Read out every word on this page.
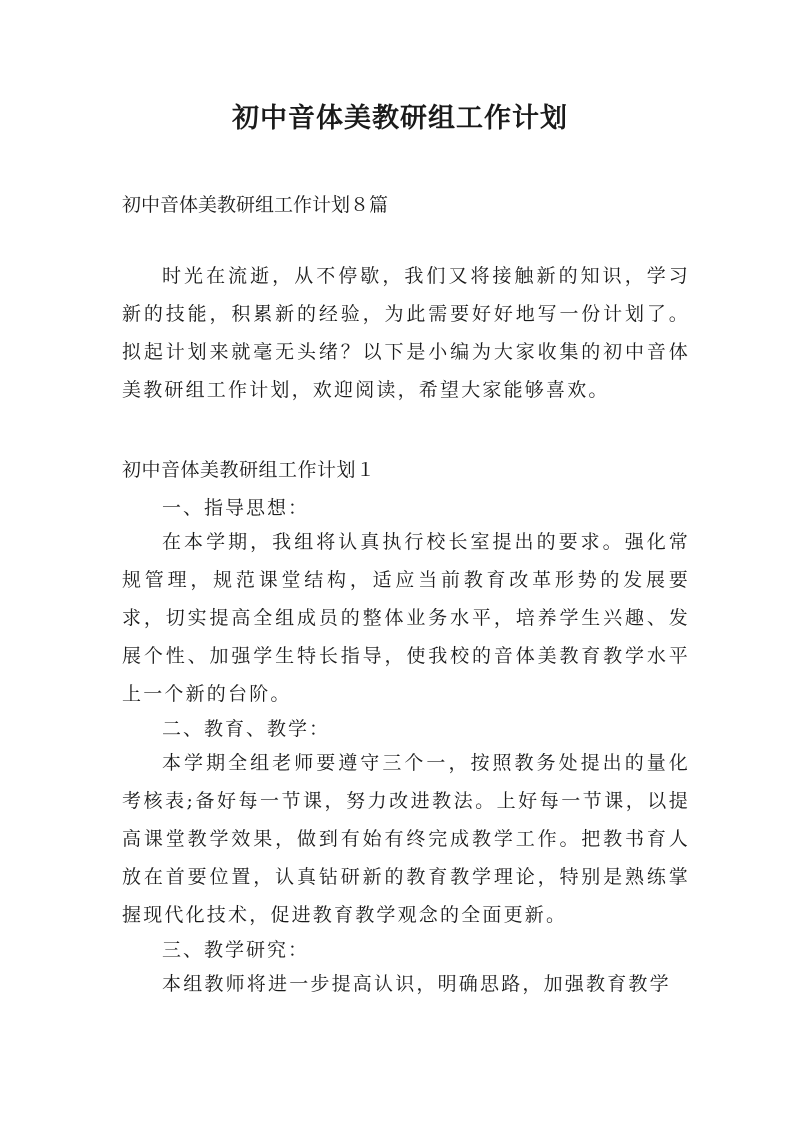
初中音体美教研组工作计划
初中音体美教研组工作计划８篇
时光在流逝，从不停歇，我们又将接触新的知识，学习新的技能，积累新的经验，为此需要好好地写一份计划了。拟起计划来就毫无头绪？以下是小编为大家收集的初中音体美教研组工作计划，欢迎阅读，希望大家能够喜欢。
初中音体美教研组工作计划１
一、指导思想：
在本学期，我组将认真执行校长室提出的要求。强化常规管理，规范课堂结构，适应当前教育改革形势的发展要求，切实提高全组成员的整体业务水平，培养学生兴趣、发展个性、加强学生特长指导，使我校的音体美教育教学水平上一个新的台阶。
二、教育、教学：
本学期全组老师要遵守三个一，按照教务处提出的量化考核表;备好每一节课，努力改进教法。上好每一节课，以提高课堂教学效果，做到有始有终完成教学工作。把教书育人放在首要位置，认真钻研新的教育教学理论，特别是熟练掌握现代化技术，促进教育教学观念的全面更新。
三、教学研究：
本组教师将进一步提高认识，明确思路，加强教育教学
